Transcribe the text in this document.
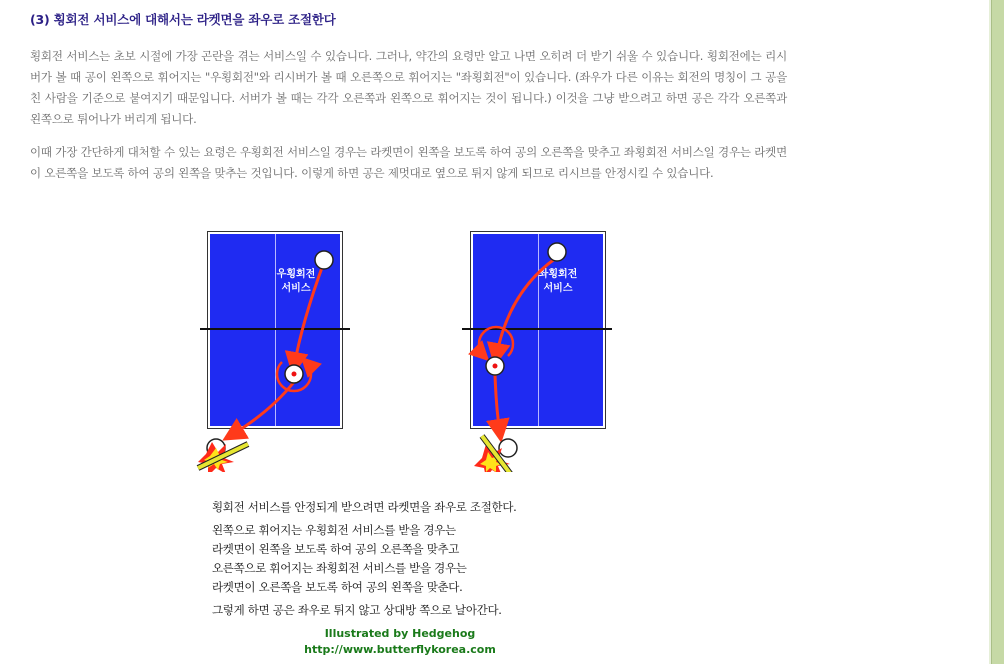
(3) 횡회전 서비스에 대해서는 라켓면을 좌우로 조절한다
횡회전 서비스는 초보 시절에 가장 곤란을 겪는 서비스일 수 있습니다. 그러나, 약간의 요령만 알고 나면 오히려 더 받기 쉬울 수 있습니다. 횡회전에는 리시버가 볼 때 공이 왼쪽으로 휘어지는 "우횡회전"와 리시버가 볼 때 오른쪽으로 휘어지는 "좌횡회전"이 있습니다. (좌우가 다른 이유는 회전의 명칭이 그 공을 친 사람을 기준으로 붙여지기 때문입니다. 서버가 볼 때는 각각 오른쪽과 왼쪽으로 휘어지는 것이 됩니다.) 이것을 그냥 받으려고 하면 공은 각각 오른쪽과 왼쪽으로 튀어나가 버리게 됩니다.
이때 가장 간단하게 대처할 수 있는 요령은 우횡회전 서비스일 경우는 라켓면이 왼쪽을 보도록 하여 공의 오른쪽을 맞추고 좌횡회전 서비스일 경우는 라켓면이 오른쪽을 보도록 하여 공의 왼쪽을 맞추는 것입니다. 이렇게 하면 공은 제멋대로 옆으로 튀지 않게 되므로 리시브를 안정시킬 수 있습니다.
우횡회전
서비스
좌횡회전
서비스
횡회전 서비스를 안정되게 받으려면 라켓면을 좌우로 조절한다.
왼쪽으로 휘어지는 우횡회전 서비스를 받을 경우는
라켓면이 왼쪽을 보도록 하여 공의 오른쪽을 맞추고
오른쪽으로 휘어지는 좌횡회전 서비스를 받을 경우는
라켓면이 오른쪽을 보도록 하여 공의 왼쪽을 맞춘다.
그렇게 하면 공은 좌우로 튀지 않고 상대방 쪽으로 날아간다.
Illustrated by Hedgehog
http://www.butterflykorea.com
